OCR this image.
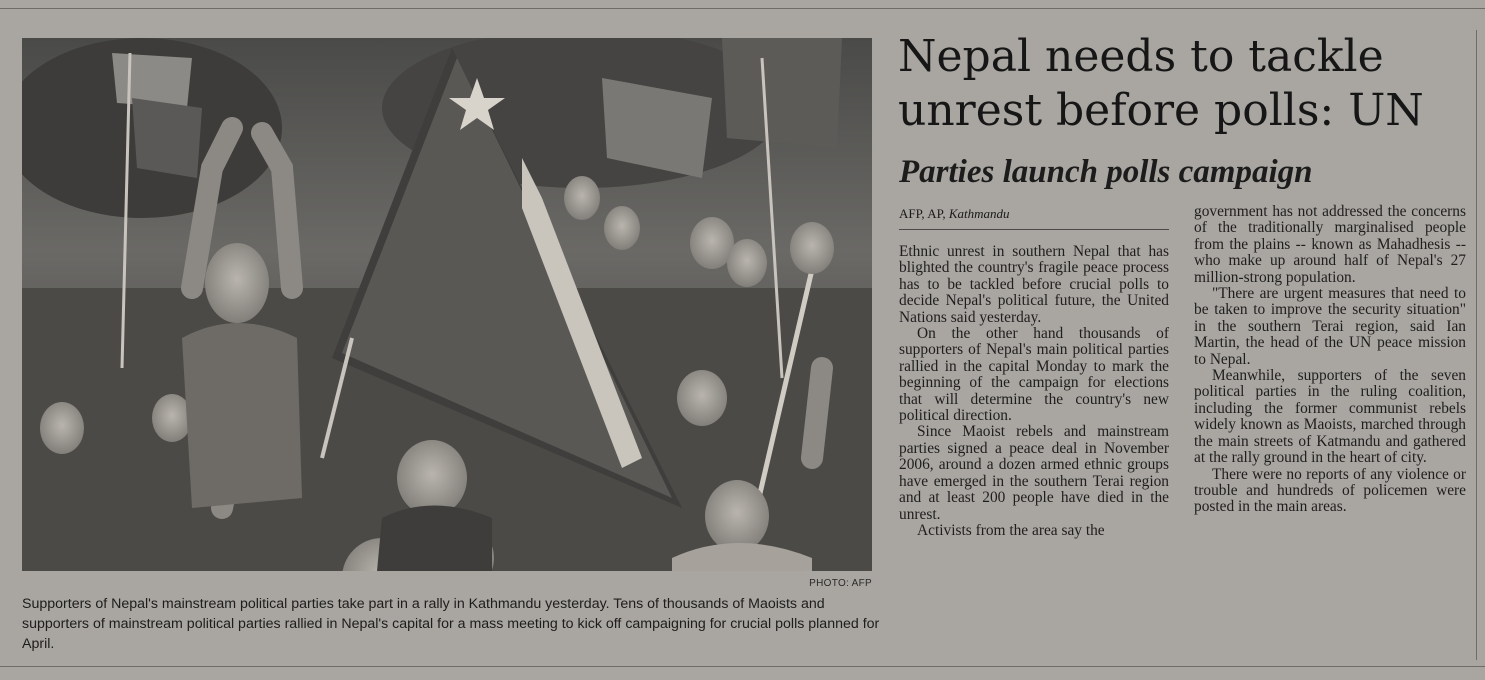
PHOTO: AFP
Supporters of Nepal's mainstream political parties take part in a rally in Kathmandu yesterday. Tens of thousands of Maoists and supporters of mainstream political parties rallied in Nepal's capital for a mass meeting to kick off campaigning for crucial polls planned for April.
Nepal needs to tackle unrest before polls: UN
Parties launch polls campaign
AFP, AP, Kathmandu

Ethnic unrest in southern Nepal that has blighted the country's fragile peace process has to be tackled before crucial polls to decide Nepal's political future, the United Nations said yesterday.

On the other hand thousands of supporters of Nepal's main political parties rallied in the capital Monday to mark the beginning of the campaign for elections that will determine the country's new political direction.

Since Maoist rebels and mainstream parties signed a peace deal in November 2006, around a dozen armed ethnic groups have emerged in the southern Terai region and at least 200 people have died in the unrest.

Activists from the area say the

government has not addressed the concerns of the traditionally marginalised people from the plains -- known as Mahadhesis -- who make up around half of Nepal's 27 million-strong population.

"There are urgent measures that need to be taken to improve the security situation" in the southern Terai region, said Ian Martin, the head of the UN peace mission to Nepal.

Meanwhile, supporters of the seven political parties in the ruling coalition, including the former communist rebels widely known as Maoists, marched through the main streets of Katmandu and gathered at the rally ground in the heart of city.

There were no reports of any violence or trouble and hundreds of policemen were posted in the main areas.
